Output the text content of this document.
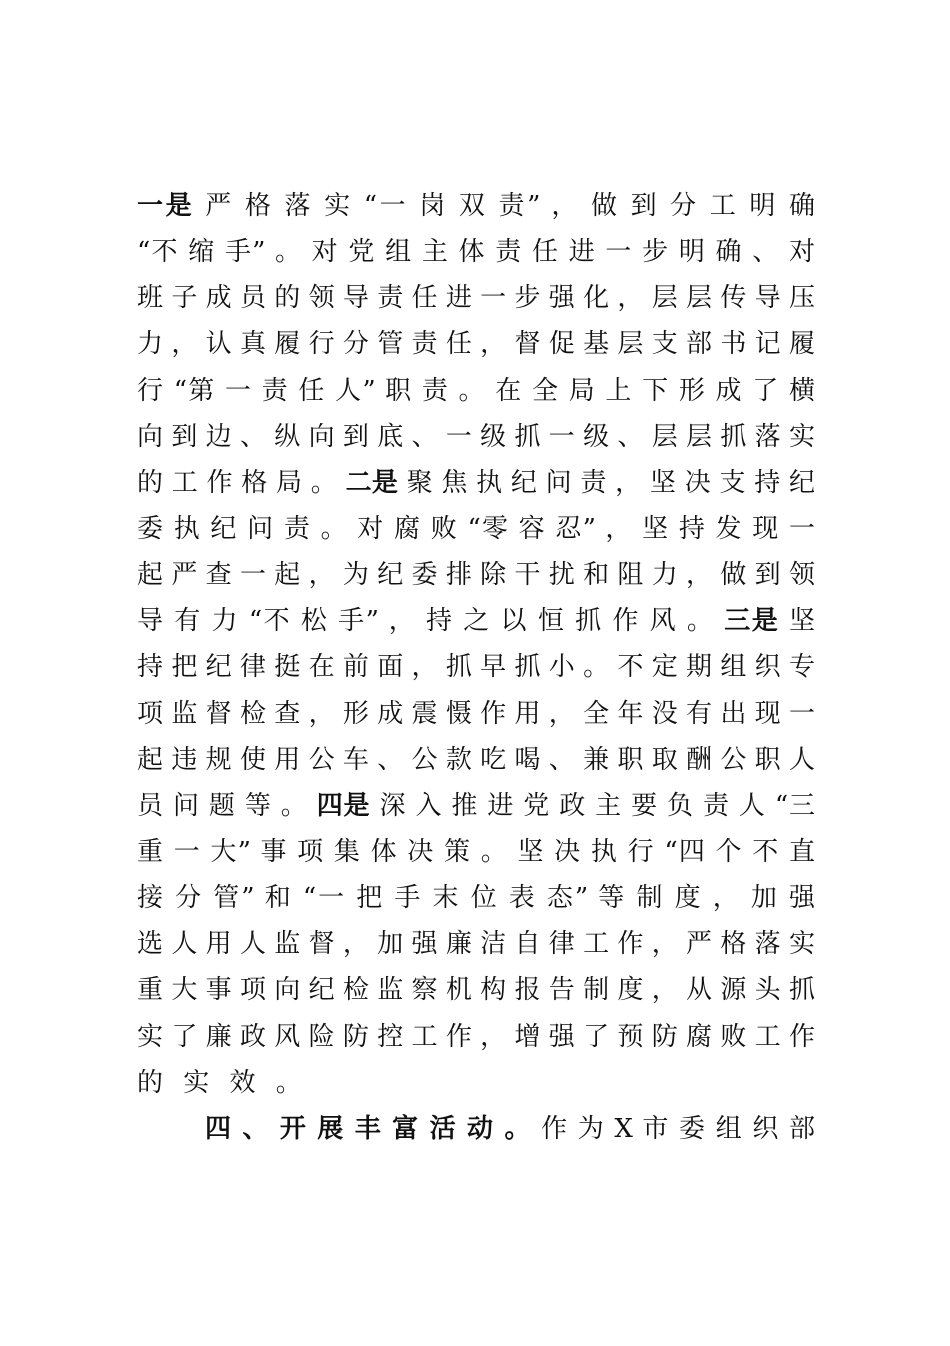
一是 严 格 落 实 “一 岗 双 责” ， 做 到 分 工 明 确
“不 缩 手” 。 对 党 组 主 体 责 任 进 一 步 明 确 、 对
班 子 成 员 的 领 导 责 任 进 一 步 强 化 ， 层 层 传 导 压
力 ， 认 真 履 行 分 管 责 任 ， 督 促 基 层 支 部 书 记 履
行 “第 一 责 任 人” 职 责 。 在 全 局 上 下 形 成 了 横
向 到 边 、 纵 向 到 底 、 一 级 抓 一 级 、 层 层 抓 落 实
的 工 作 格 局 。 二是 聚 焦 执 纪 问 责 ， 坚 决 支 持 纪
委 执 纪 问 责 。 对 腐 败 “零 容 忍” ， 坚 持 发 现 一
起 严 查 一 起 ， 为 纪 委 排 除 干 扰 和 阻 力 ， 做 到 领
导 有 力 “不 松 手” ， 持 之 以 恒 抓 作 风 。 三是 坚
持 把 纪 律 挺 在 前 面 ， 抓 早 抓 小 。 不 定 期 组 织 专
项 监 督 检 查 ， 形 成 震 慑 作 用 ， 全 年 没 有 出 现 一
起 违 规 使 用 公 车 、 公 款 吃 喝 、 兼 职 取 酬 公 职 人
员 问 题 等 。 四是 深 入 推 进 党 政 主 要 负 责 人 “三
重 一 大” 事 项 集 体 决 策 。 坚 决 执 行 “四 个 不 直
接 分 管” 和 “一 把 手 末 位 表 态” 等 制 度 ， 加 强
选 人 用 人 监 督 ， 加 强 廉 洁 自 律 工 作 ， 严 格 落 实
重 大 事 项 向 纪 检 监 察 机 构 报 告 制 度 ， 从 源 头 抓
实 了 廉 政 风 险 防 控 工 作 ， 增 强 了 预 防 腐 败 工 作
的 实 效 。
四 、 开 展 丰 富 活 动 。 作 为 X 市 委 组 织 部
